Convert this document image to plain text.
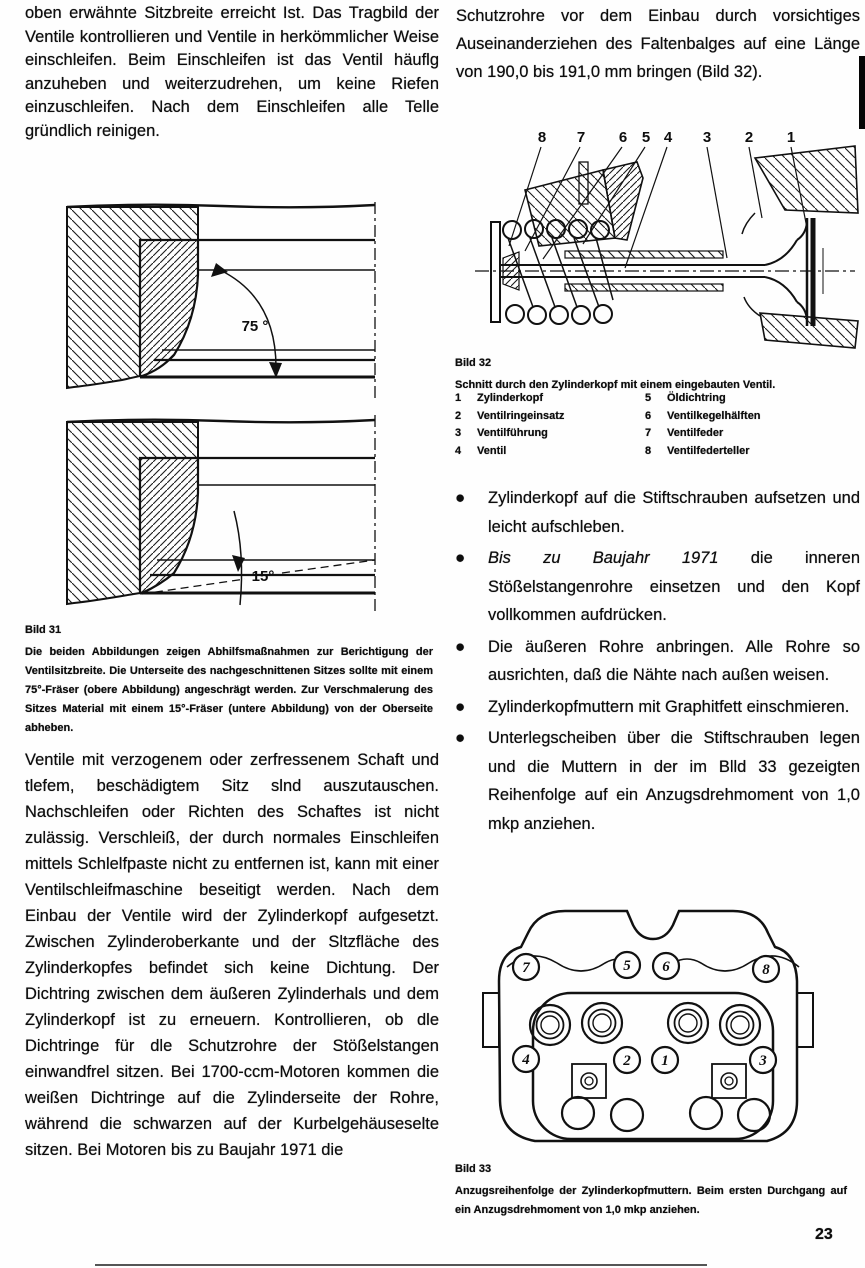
oben erwähnte Sitzbreite erreicht Ist. Das Tragbild der Ventile kontrollieren und Ventile in herkömmlicher Weise einschleifen. Beim Einschleifen ist das Ventil häuflg anzuheben und weiterzudrehen, um keine Riefen einzuschleifen. Nach dem Einschleifen alle Telle gründlich reinigen.
75 °
15°
Bild 31
Die beiden Abbildungen zeigen Abhilfsmaßnahmen zur Berichtigung der Ventilsitzbreite. Die Unterseite des nachgeschnittenen Sitzes sollte mit einem 75°-Fräser (obere Abbildung) angeschrägt werden. Zur Verschmalerung des Sitzes Material mit einem 15°-Fräser (untere Abbildung) von der Oberseite abheben.
Ventile mit verzogenem oder zerfressenem Schaft und tlefem, beschädigtem Sitz slnd auszutauschen. Nachschleifen oder Richten des Schaftes ist nicht zulässig. Verschleiß, der durch normales Einschleifen mittels Schlelfpaste nicht zu entfernen ist, kann mit einer Ventilschleifmaschine beseitigt werden. Nach dem Einbau der Ventile wird der Zylinderkopf aufgesetzt. Zwischen Zylinderoberkante und der Sltzfläche des Zylinderkopfes befindet sich keine Dichtung. Der Dichtring zwischen dem äußeren Zylinderhals und dem Zylinderkopf ist zu erneuern. Kontrollieren, ob dle Dichtringe für dle Schutzrohre der Stößelstangen einwandfrel sitzen. Bei 1700-ccm-Motoren kommen die weißen Dichtringe auf die Zylinderseite der Rohre, während die schwarzen auf der Kurbelgehäuseselte sitzen. Bei Motoren bis zu Baujahr 1971 die
Schutzrohre vor dem Einbau durch vorsichtiges Auseinanderziehen des Faltenbalges auf eine Länge von 190,0 bis 191,0 mm bringen (Bild 32).
8 7 6 5 4 3 2 1
Bild 32
Schnitt durch den Zylinderkopf mit einem eingebauten Ventil.
1	Zylinderkopf
2	Ventilringeinsatz
3	Ventilführung
4	Ventil
5	Öldichtring
6	Ventilkegelhälften
7	Ventilfeder
8	Ventilfederteller
●	Zylinderkopf auf die Stiftschrauben aufsetzen und leicht aufschleben.
●	Bis zu Baujahr 1971 die inneren Stößelstangenrohre einsetzen und den Kopf vollkommen aufdrücken.
●	Die äußeren Rohre anbringen. Alle Rohre so ausrichten, daß die Nähte nach außen weisen.
●	Zylinderkopfmuttern mit Graphitfett einschmieren.
●	Unterlegscheiben über die Stiftschrauben legen und die Muttern in der im Blld 33 gezeigten Reihenfolge auf ein Anzugsdrehmoment von 1,0 mkp anziehen.
7	5 6	8
4	2 1	3
Bild 33
Anzugsreihenfolge der Zylinderkopfmuttern. Beim ersten Durchgang auf ein Anzugsdrehmoment von 1,0 mkp anziehen.
23
